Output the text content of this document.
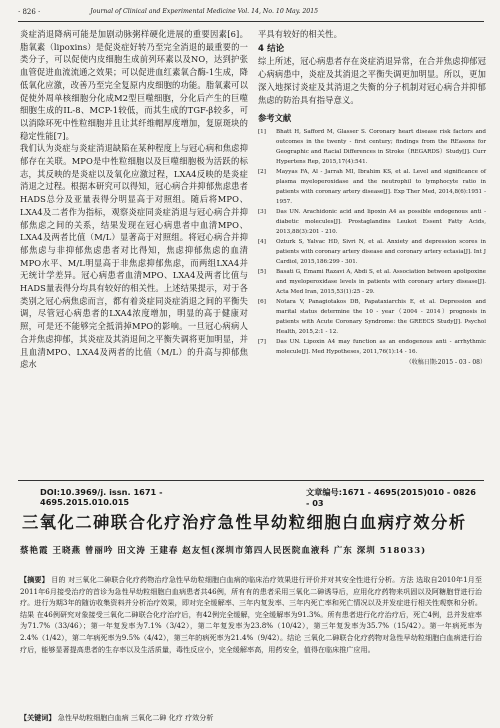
· 826 ·	Journal of Clinical and Experimental Medicine Vol. 14, No. 10 May. 2015

炎症消退降病可能是加剧动脉粥样硬化进展的重要因素[6]。脂氧素（lipoxins）是促炎症好转乃至完全消退的最重要的一类分子，可以促使内皮细胞生成前列环素以及NO，达到护张血管促进血流流通之效果；可以促进血红素氧合酶-1生成，降低氧化应激，改善乃至完全复原内皮细胞的功能。脂氧素可以促使外周单核细胞分化成M2型巨噬细胞，分化后产生的巨噬细胞生成的IL-8、MCP-1较低，而其生成的TGF-β较多，可以消除环死中性粒细胞并且让其纤维帽厚度增加，复原斑块的稳定性能[7]。

我们认为炎症与炎症消退缺陷在某种程度上与冠心病和焦虑抑郁存在关联。MPO是中性粒细胞以及巨噬细胞极为活跃的标志，其反映的是炎症以及氧化应激过程，LXA4反映的是炎症消退之过程。根据本研究可以得知，冠心病合并抑郁焦虑患者HADS总分及亚量表得分明显高于对照组。随后将MPO、LXA4及二者作为指标，观察炎症同炎症消退与冠心病合并抑郁焦虑之间的关系，结果发现在冠心病患者中血清MPO、LXA4及两者比值（M/L）显著高于对照组。将冠心病合并抑郁焦虑与非抑郁焦虑患者对比得知，焦虑抑郁焦虑的血清MPO水平、M/L明显高于非焦虑抑郁焦虑，而两组LXA4并无统计学差异。冠心病患者血清MPO、LXA4及两者比值与HADS量表得分均具有较好的相关性。上述结果提示，对于各类别之冠心病焦虑而言，都有着炎症同炎症消退之间的平衡失调，尽管冠心病患者的LXA4浓度增加，明显的高于健康对照，可是还不能够完全抵消掉MPO的影响。一旦冠心病病人合并焦虑抑郁，其炎症及其消退间之平衡失调将更加明显，并且血清MPO、LXA4及两者的比值（M/L）的升高与抑郁焦虑水

平具有较好的相关性。

4 结论

综上所述，冠心病患者存在炎症消退异常，在合并焦虑抑郁冠心病病患中，炎症及其消退之平衡失调更加明显。所以，更加深入地探讨炎症及其消退之失衡的分子机制对冠心病合并抑郁焦虑的防治具有指导意义。

参考文献
[1]	Bhatt H, Safford M, Glasser S. Coronary heart disease risk factors and outcomes in the twenty - first century; findings from the REasons for Geographic and Racial Differences in Stroke（REGARDS）Study[J]. Curr Hypertens Rep, 2015,17(4):541.
[2]	Mayyas FA, Al - Jarrah MI, Ibrahim KS, et al. Level and significance of plasma myeloperoxidase and the neutrophil to lymphocyte ratio in patients with coronary artery disease[J]. Exp Ther Med, 2014,8(6):1951 - 1957.
[3]	Das UN. Arachidonic acid and lipoxin A4 as possible endogenous anti - diabetic molecules[J]. Prostaglandins Leukot Essent Fatty Acids, 2013,88(3):201 - 210.
[4]	Ozturk S, Yalvac HD, Sivri N, et al. Anxiety and depression scores in patients with coronary artery disease and coronary artery ectasia[J]. Int J Cardiol, 2015,186:299 - 301.
[5]	Basati G, Emami Razavi A, Abdi S, et al. Association between apolipoxine and myeloperoxidase levels in patients with coronary artery disease[J]. Acta Med Iran, 2015,53(1):25 - 29.
[6]	Notara V, Panagiotakos DB, Papataxiarchis E, et al. Depression and marital status determine the 10 - year（2004 - 2014）prognosis in patients with Acute Coronary Syndrome: the GREECS Study[J]. Psychol Health, 2015,2:1 - 12.
[7]	Das UN. Lipoxin A4 may function as an endogenous anti - arrhythmic molecule[J]. Med Hypotheses, 2011,76(1):14 - 16.
（收稿日期:2015 - 03 - 08）
DOI:10.3969/j. issn. 1671 - 4695.2015.010.015
文章编号:1671 - 4695(2015)010 - 0826 - 03
三氧化二砷联合化疗治疗急性早幼粒细胞白血病疗效分析
蔡艳霞 王晓燕 曾丽吟 田文涛 王建春 赵友恒(深圳市第四人民医院血液科 广东 深圳 518033)
【摘要】 目的 对三氧化二砷联合化疗药物治疗急性早幼粒细胞白血病的临床治疗效果进行评价并对其安全性进行分析。方法 选取自2010年1月至2011年6月接受治疗的首诊为急性早幼粒细胞白血病患者共46例，所有有的患者采用三氧化二砷诱导后，应用化疗药物来巩固以及阿糖胞苷进行治疗。进行为期3年的随访收集资料并分析治疗效果，即对完全缓解率、三年内复发率、三年内死亡率和死亡情况以及并发症进行相关性观察和分析。结果 在46例研究对象接受三氧化二砷联合化疗治疗后，有42例完全缓解，完全缓解率为91.3%。所有患者进行化疗治疗后，死亡4例，总并发症率为71.7%（33/46）；第一年复发率为7.1%（3/42），第二年复发率为23.8%（10/42），第三年复发率为35.7%（15/42）。第一年病死率为2.4%（1/42），第二年病死率为9.5%（4/42），第三年的病死率为21.4%（9/42）。结论 三氧化二砷联合化疗药物对急性早幼粒细胞白血病进行治疗后，能够显著提高患者的生存率以及生活质量，毒性反应小，完全缓解率高，用药安全，值得在临床推广应用。
【关键词】 急性早幼粒细胞白血病 三氧化二砷 化疗 疗效分析
